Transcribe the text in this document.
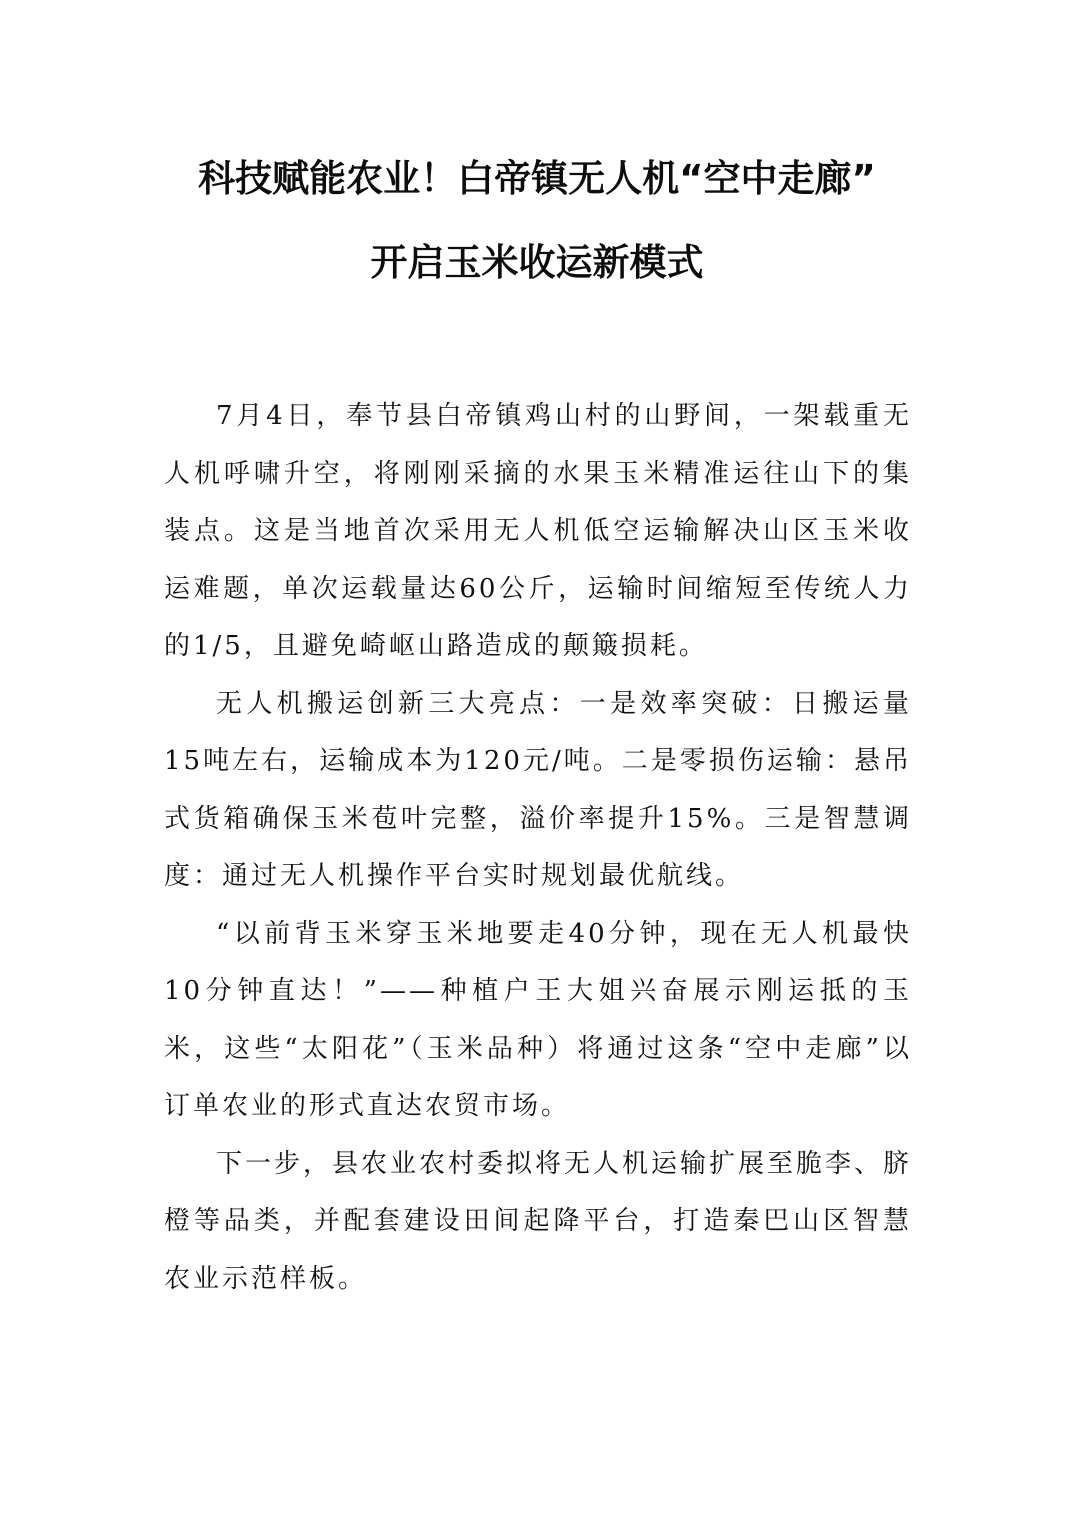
科技赋能农业！白帝镇无人机“空中走廊”
开启玉米收运新模式

7月4日，奉节县白帝镇鸡山村的山野间，一架载重无人机呼啸升空，将刚刚采摘的水果玉米精准运往山下的集装点。这是当地首次采用无人机低空运输解决山区玉米收运难题，单次运载量达60公斤，运输时间缩短至传统人力的1/5，且避免崎岖山路造成的颠簸损耗。

无人机搬运创新三大亮点：一是效率突破：日搬运量15吨左右，运输成本为120元/吨。二是零损伤运输：悬吊式货箱确保玉米苞叶完整，溢价率提升15%。三是智慧调度：通过无人机操作平台实时规划最优航线。

“以前背玉米穿玉米地要走40分钟，现在无人机最快10分钟直达！”——种植户王大姐兴奋展示刚运抵的玉米，这些“太阳花”（玉米品种）将通过这条“空中走廊”以订单农业的形式直达农贸市场。

下一步，县农业农村委拟将无人机运输扩展至脆李、脐橙等品类，并配套建设田间起降平台，打造秦巴山区智慧农业示范样板。
